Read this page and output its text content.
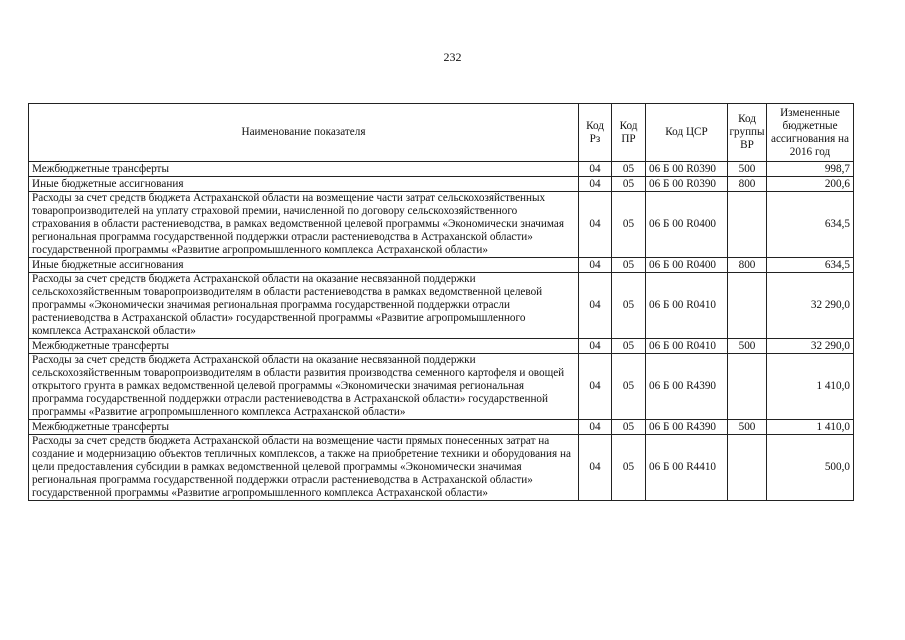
232
Наименование показателя	Код Рз	Код ПР	Код ЦСР	Код группы ВР	Измененные бюджетные ассигнования на 2016 год
Межбюджетные трансферты	04	05	06 Б 00 R0390	500	998,7
Иные бюджетные ассигнования	04	05	06 Б 00 R0390	800	200,6
Расходы за счет средств бюджета Астраханской области на возмещение части затрат сельскохозяйственных товаропроизводителей на уплату страховой премии, начисленной по договору сельскохозяйственного страхования в области растениеводства, в рамках ведомственной целевой программы «Экономически значимая региональная программа государственной поддержки отрасли растениеводства в Астраханской области» государственной программы «Развитие агропромышленного комплекса Астраханской области»	04	05	06 Б 00 R0400		634,5
Иные бюджетные ассигнования	04	05	06 Б 00 R0400	800	634,5
Расходы за счет средств бюджета Астраханской области на оказание несвязанной поддержки сельскохозяйственным товаропроизводителям в области растениеводства в рамках ведомственной целевой программы «Экономически значимая региональная программа государственной поддержки отрасли растениеводства в Астраханской области» государственной программы «Развитие агропромышленного комплекса Астраханской области»	04	05	06 Б 00 R0410		32 290,0
Межбюджетные трансферты	04	05	06 Б 00 R0410	500	32 290,0
Расходы за счет средств бюджета Астраханской области на оказание несвязанной поддержки сельскохозяйственным товаропроизводителям в области развития производства семенного картофеля и овощей открытого грунта в рамках ведомственной целевой программы «Экономически значимая региональная программа государственной поддержки отрасли растениеводства в Астраханской области» государственной программы «Развитие агропромышленного комплекса Астраханской области»	04	05	06 Б 00 R4390		1 410,0
Межбюджетные трансферты	04	05	06 Б 00 R4390	500	1 410,0
Расходы за счет средств бюджета Астраханской области на возмещение части прямых понесенных затрат на создание и модернизацию объектов тепличных комплексов, а также на приобретение техники и оборудования на цели предоставления субсидии в рамках ведомственной целевой программы «Экономически значимая региональная программа государственной поддержки отрасли растениеводства в Астраханской области» государственной программы «Развитие агропромышленного комплекса Астраханской области»	04	05	06 Б 00 R4410		500,0
